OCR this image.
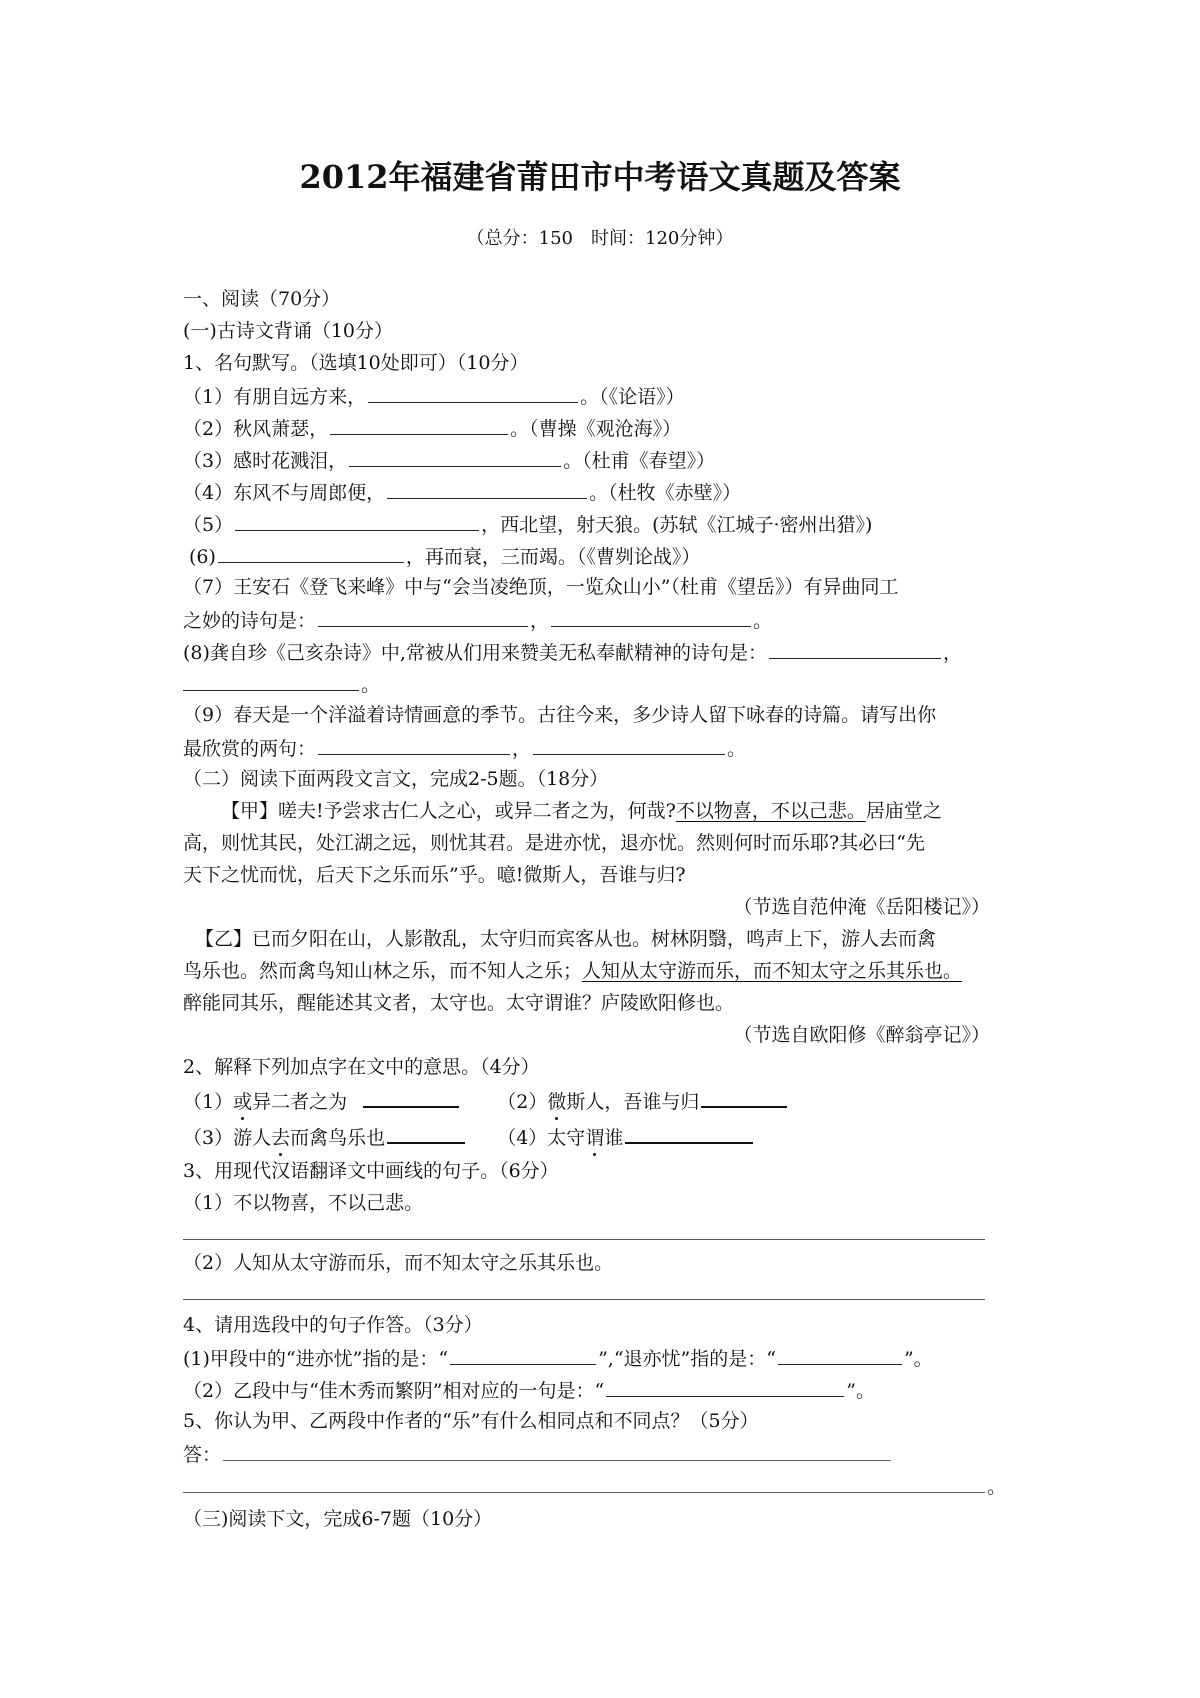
2012年福建省莆田市中考语文真题及答案
（总分：150　时间：120分钟）
一、阅读（70分）
(一)古诗文背诵（10分）
1、名句默写。（选填10处即可）（10分）
（1）有朋自远方来，	。（《论语》）
（2）秋风萧瑟，	。（曹操《观沧海》）
（3）感时花溅泪，	。（杜甫《春望》）
（4）东风不与周郎便，	。（杜牧《赤壁》）
（5）	，西北望，射天狼。(苏轼《江城子·密州出猎》)
(6)	，再而衰，三而竭。（《曹刿论战》）
（7）王安石《登飞来峰》中与“会当凌绝顶，一览众山小”（杜甫《望岳》）有异曲同工
之妙的诗句是：	，	。
(8)龚自珍《己亥杂诗》中,常被从们用来赞美无私奉献精神的诗句是：	，
。
（9）春天是一个洋溢着诗情画意的季节。古往今来，多少诗人留下咏春的诗篇。请写出你
最欣赏的两句：	，	。
（二）阅读下面两段文言文，完成2-5题。（18分）
【甲】嗟夫!予尝求古仁人之心，或异二者之为，何哉?不以物喜，不以己悲。居庙堂之
高，则忧其民，处江湖之远，则忧其君。是进亦忧，退亦忧。然则何时而乐耶?其必曰“先
天下之忧而忧，后天下之乐而乐”乎。噫!微斯人，吾谁与归?
（节选自范仲淹《岳阳楼记》）
【乙】已而夕阳在山，人影散乱，太守归而宾客从也。树林阴翳，鸣声上下，游人去而禽
鸟乐也。然而禽鸟知山林之乐，而不知人之乐；人知从太守游而乐，而不知太守之乐其乐也。
醉能同其乐，醒能述其文者，太守也。太守谓谁？庐陵欧阳修也。
（节选自欧阳修《醉翁亭记》）
2、解释下列加点字在文中的意思。（4分）
（1）或异二者之为	（2）微斯人，吾谁与归
（3）游人去而禽鸟乐也	（4）太守谓谁
3、用现代汉语翻译文中画线的句子。（6分）
（1）不以物喜，不以己悲。
（2）人知从太守游而乐，而不知太守之乐其乐也。
4、请用选段中的句子作答。（3分）
(1)甲段中的“进亦忧”指的是：“	”,“退亦忧”指的是：“	”。
（2）乙段中与“佳木秀而繁阴”相对应的一句是：“	”。
5、你认为甲、乙两段中作者的“乐”有什么相同点和不同点？（5分）
答：
。
（三)阅读下文，完成6-7题（10分）
